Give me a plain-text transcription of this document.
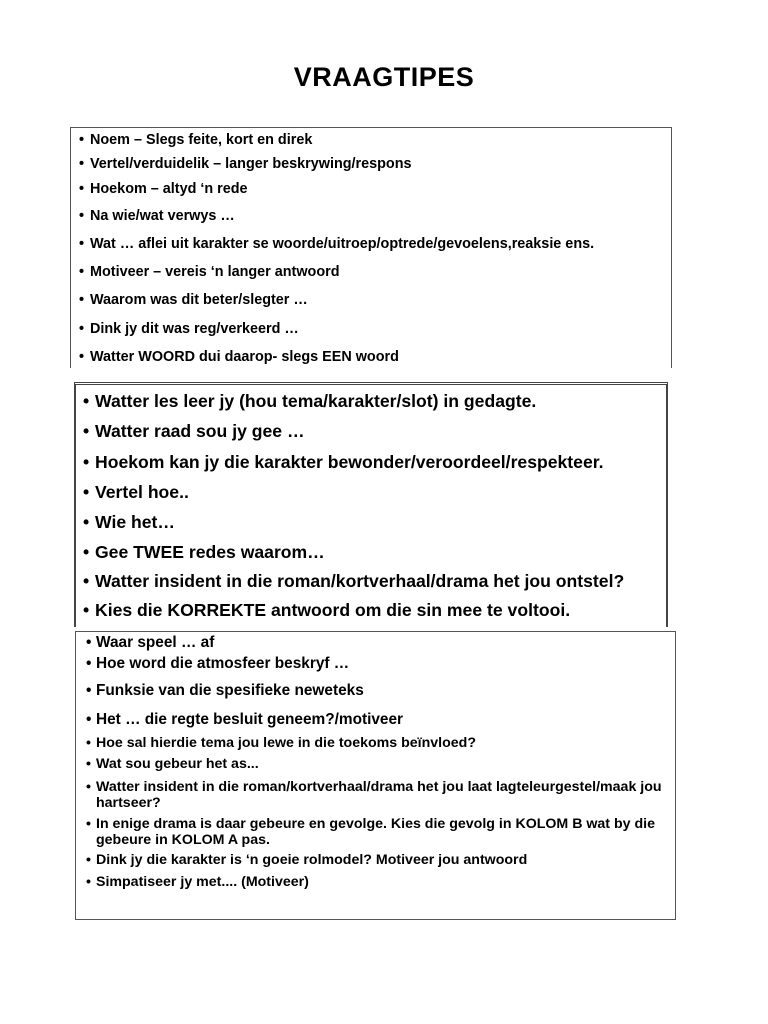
VRAAGTIPES
• Noem – Slegs feite, kort en direk
• Vertel/verduidelik – langer beskrywing/respons
• Hoekom – altyd ‘n rede
• Na wie/wat verwys …
• Wat … aflei uit karakter se woorde/uitroep/optrede/gevoelens,reaksie ens.
• Motiveer – vereis ‘n langer antwoord
• Waarom was dit beter/slegter …
• Dink jy dit was reg/verkeerd …
• Watter WOORD dui daarop- slegs EEN woord
• Watter les leer jy (hou tema/karakter/slot) in gedagte.
• Watter raad sou jy gee …
• Hoekom kan jy die karakter bewonder/veroordeel/respekteer.
• Vertel hoe..
• Wie het…
• Gee TWEE redes waarom…
• Watter insident in die roman/kortverhaal/drama het jou ontstel?
• Kies die KORREKTE antwoord om die sin mee te voltooi.
• Waar speel … af
• Hoe word die atmosfeer beskryf …
• Funksie van die spesifieke neweteks
• Het … die regte besluit geneem?/motiveer
• Hoe sal hierdie tema jou lewe in die toekoms beïnvloed?
• Wat sou gebeur het as...
• Watter insident in die roman/kortverhaal/drama het jou laat lagteleurgestel/maak jou hartseer?
• In enige drama is daar gebeure en gevolge. Kies die gevolg in KOLOM B wat by die gebeure in KOLOM A pas.
• Dink jy die karakter is ‘n goeie rolmodel? Motiveer jou antwoord
• Simpatiseer jy met.... (Motiveer)
